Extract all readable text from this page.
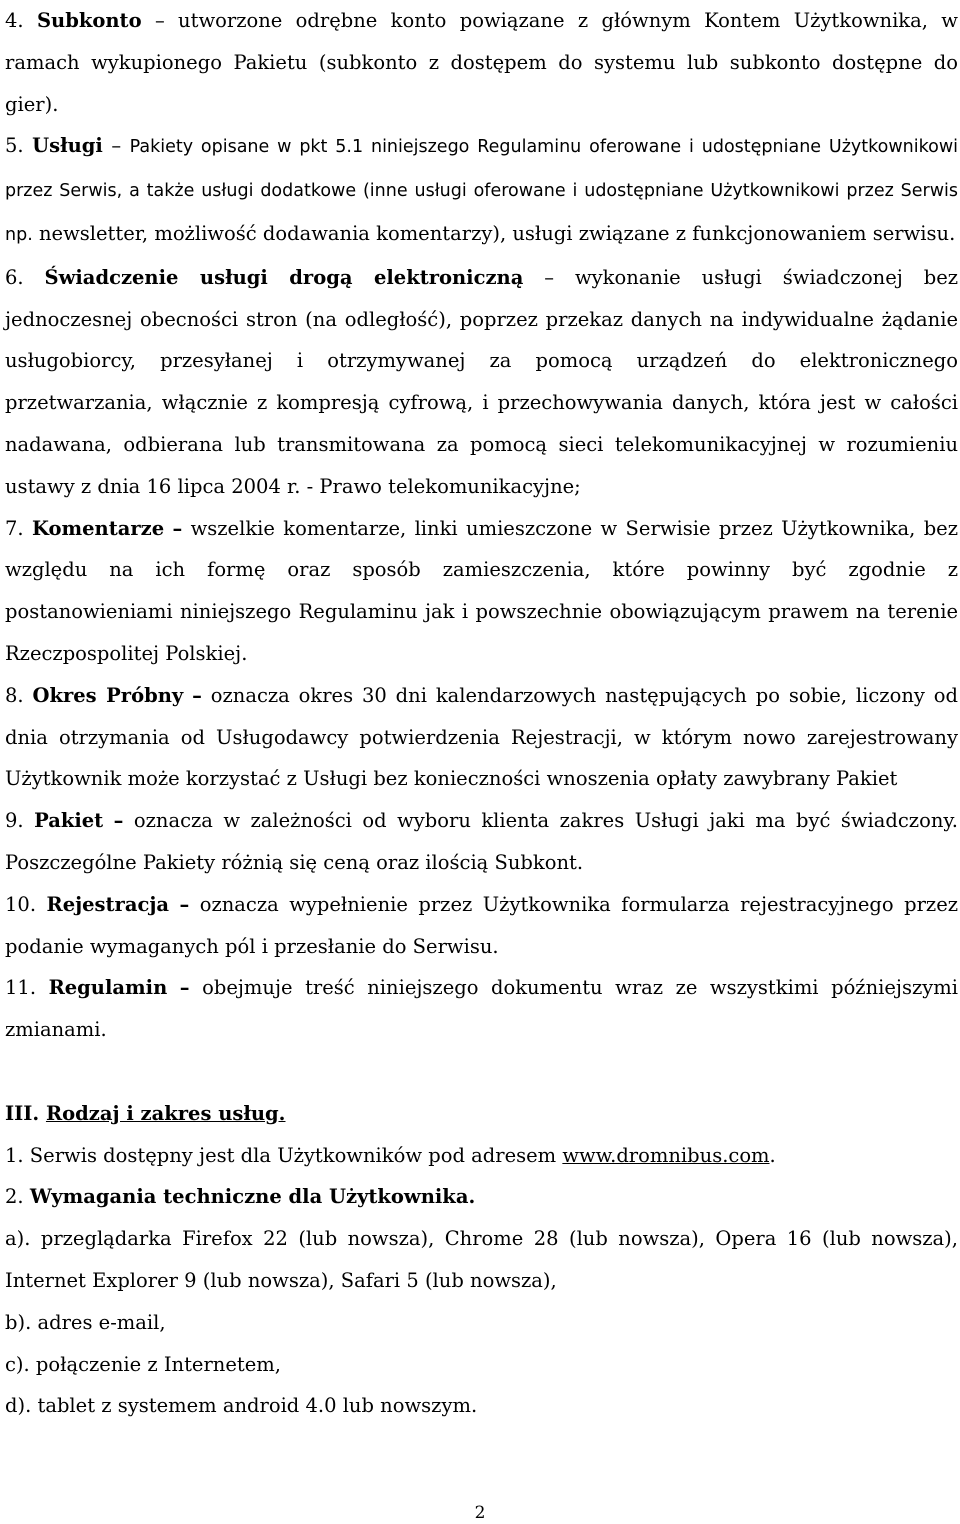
4. Subkonto – utworzone odrębne konto powiązane z głównym Kontem Użytkownika, w ramach wykupionego Pakietu (subkonto z dostępem do systemu lub subkonto dostępne do gier).

5. Usługi – Pakiety opisane w pkt 5.1 niniejszego Regulaminu oferowane i udostępniane Użytkownikowi przez Serwis, a także usługi dodatkowe (inne usługi oferowane i udostępniane Użytkownikowi przez Serwis np. newsletter, możliwość dodawania komentarzy), usługi związane z funkcjonowaniem serwisu.

6. Świadczenie usługi drogą elektroniczną – wykonanie usługi świadczonej bez jednoczesnej obecności stron (na odległość), poprzez przekaz danych na indywidualne żądanie usługobiorcy, przesyłanej i otrzymywanej za pomocą urządzeń do elektronicznego przetwarzania, włącznie z kompresją cyfrową, i przechowywania danych, która jest w całości nadawana, odbierana lub transmitowana za pomocą sieci telekomunikacyjnej w rozumieniu ustawy z dnia 16 lipca 2004 r. - Prawo telekomunikacyjne;

7. Komentarze – wszelkie komentarze, linki umieszczone w Serwisie przez Użytkownika, bez względu na ich formę oraz sposób zamieszczenia, które powinny być zgodnie z postanowieniami niniejszego Regulaminu jak i powszechnie obowiązującym prawem na terenie Rzeczpospolitej Polskiej.

8. Okres Próbny – oznacza okres 30 dni kalendarzowych następujących po sobie, liczony od dnia otrzymania od Usługodawcy potwierdzenia Rejestracji, w którym nowo zarejestrowany Użytkownik może korzystać z Usługi bez konieczności wnoszenia opłaty zawybrany Pakiet

9. Pakiet – oznacza w zależności od wyboru klienta zakres Usługi jaki ma być świadczony. Poszczególne Pakiety różnią się ceną oraz ilością Subkont.

10. Rejestracja – oznacza wypełnienie przez Użytkownika formularza rejestracyjnego przez podanie wymaganych pól i przesłanie do Serwisu.

11. Regulamin – obejmuje treść niniejszego dokumentu wraz ze wszystkimi późniejszymi zmianami.

III. Rodzaj i zakres usług.

1. Serwis dostępny jest dla Użytkowników pod adresem www.dromnibus.com.

2. Wymagania techniczne dla Użytkownika.

a). przeglądarka Firefox 22 (lub nowsza), Chrome 28 (lub nowsza), Opera 16 (lub nowsza), Internet Explorer 9 (lub nowsza), Safari 5 (lub nowsza),

b). adres e-mail,

c). połączenie z Internetem,

d). tablet z systemem android 4.0 lub nowszym.

2
